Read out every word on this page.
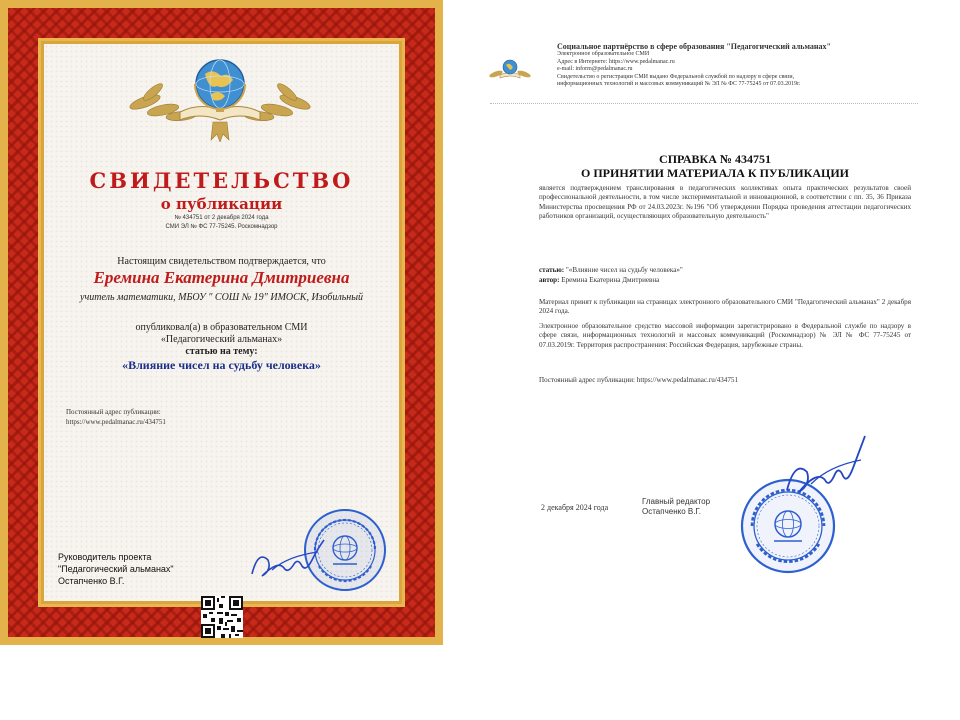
СВИДЕТЕЛЬСТВО
о публикации
№ 434751 от 2 декабря 2024 года
СМИ ЭЛ № ФС 77-75245. Роскомнадзор
Настоящим свидетельством подтверждается, что
Еремина Екатерина Дмитриевна
учитель математики, МБОУ " СОШ № 19" ИМОСК, Изобильный
опубликовал(а) в образовательном СМИ
«Педагогический альманах»
статью на тему:
«Влияние чисел на судьбу человека»
Постоянный адрес публикации:
https://www.pedalmanac.ru/434751
Руководитель проекта
"Педагогический альманах"
Остапченко В.Г.
Социальное партнёрство в сфере образования "Педагогический альманах"
Электронное образовательное СМИ
Адрес в Интернете: https://www.pedalmanac.ru
e-mail: inform@pedalmanac.ru
Свидетельство о регистрации СМИ выдано Федеральной службой по надзору в сфере связи,
информационных технологий и массовых коммуникаций № ЭЛ № ФС 77-75245 от 07.03.2019г.
СПРАВКА № 434751
О ПРИНЯТИИ МАТЕРИАЛА К ПУБЛИКАЦИИ
является подтверждением транслирования в педагогических коллективах опыта практических результатов своей профессиональной деятельности, в том числе экспериментальной и инновационной, в соответствии с пп. 35, 36 Приказа Министерства просвещения РФ от 24.03.2023г. №196 "Об утверждении Порядка проведения аттестации педагогических работников организаций, осуществляющих образовательную деятельность"
статью: "«Влияние чисел на судьбу человека»"
автор: Еремина Екатерина Дмитриевна
Материал принят к публикации на страницах электронного образовательного СМИ "Педагогический альманах" 2 декабря 2024 года.
Электронное образовательное средство массовой информации зарегистрировано в Федеральной службе по надзору в сфере связи, информационных технологий и массовых коммуникаций (Роскомнадзор) № ЭЛ № ФС 77-75245 от 07.03.2019г. Территория распространения: Российская Федерация, зарубежные страны.
Постоянный адрес публикации: https://www.pedalmanac.ru/434751
2 декабря 2024 года
Главный редактор
Остапченко В.Г.
